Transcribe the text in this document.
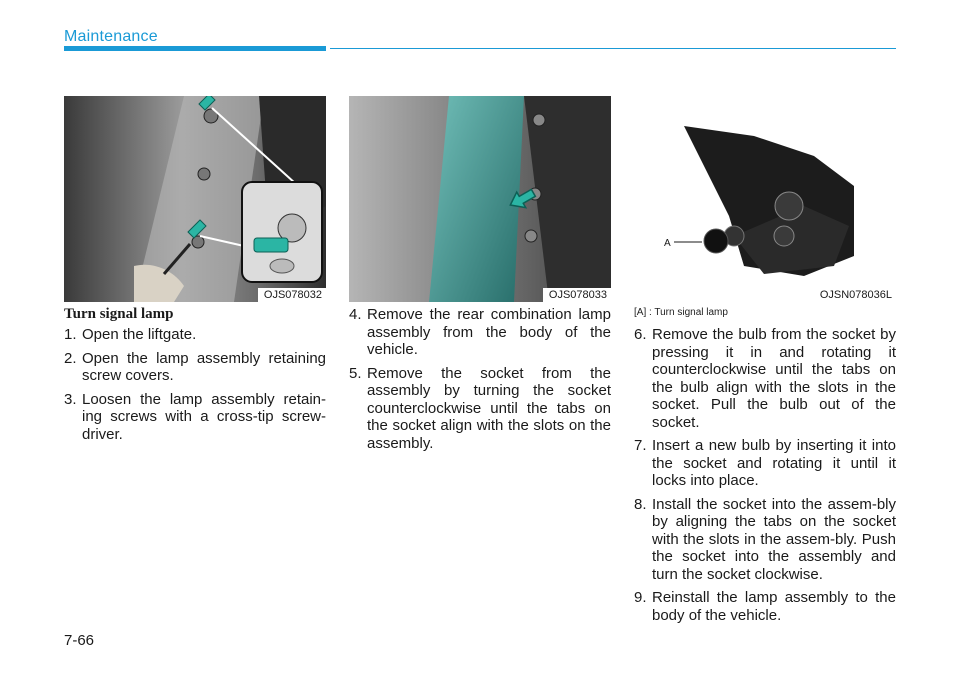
Maintenance
OJS078032	OJS078033
A
OJSN078036L
[A] : Turn signal lamp
Turn signal lamp
1. Open the liftgate.
2. Open the lamp assembly retaining screw covers.
3. Loosen the lamp assembly retain-ing screws with a cross-tip screw-driver.
4. Remove the rear combination lamp assembly from the body of the vehicle.
5. Remove the socket from the assembly by turning the socket counterclockwise until the tabs on the socket align with the slots on the assembly.
6. Remove the bulb from the socket by pressing it in and rotating it counterclockwise until the tabs on the bulb align with the slots in the socket. Pull the bulb out of the socket.
7. Insert a new bulb by inserting it into the socket and rotating it until it locks into place.
8. Install the socket into the assem-bly by aligning the tabs on the socket with the slots in the assem-bly. Push the socket into the assembly and turn the socket clockwise.
9. Reinstall the lamp assembly to the body of the vehicle.
7-66
